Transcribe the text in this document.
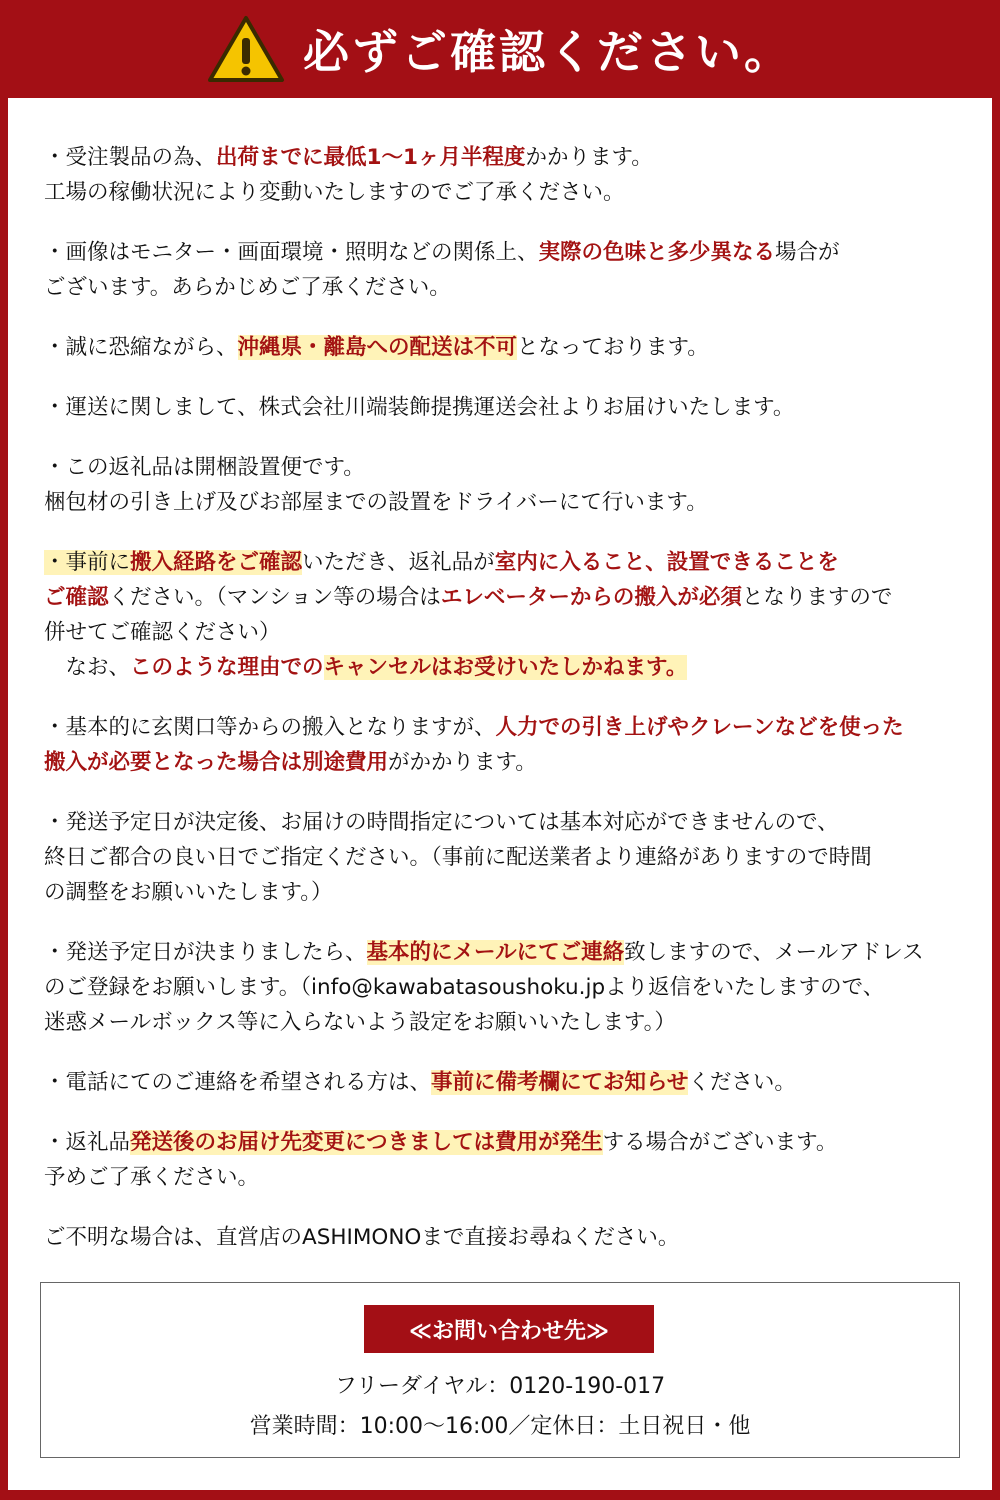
必ずご確認ください。
・受注製品の為、出荷までに最低1～1ヶ月半程度かかります。
工場の稼働状況により変動いたしますのでご了承ください。
・画像はモニター・画面環境・照明などの関係上、実際の色味と多少異なる場合が
ございます。あらかじめご了承ください。
・誠に恐縮ながら、沖縄県・離島への配送は不可となっております。
・運送に関しまして、株式会社川端装飾提携運送会社よりお届けいたします。
・この返礼品は開梱設置便です。
梱包材の引き上げ及びお部屋までの設置をドライバーにて行います。
・事前に搬入経路をご確認いただき、返礼品が室内に入ること、設置できることを
ご確認ください。（マンション等の場合はエレベーターからの搬入が必須となりますので
併せてご確認ください）
　なお、このような理由でのキャンセルはお受けいたしかねます。
・基本的に玄関口等からの搬入となりますが、人力での引き上げやクレーンなどを使った
搬入が必要となった場合は別途費用がかかります。
・発送予定日が決定後、お届けの時間指定については基本対応ができませんので、
終日ご都合の良い日でご指定ください。（事前に配送業者より連絡がありますので時間
の調整をお願いいたします。）
・発送予定日が決まりましたら、基本的にメールにてご連絡致しますので、メールアドレス
のご登録をお願いします。（info@kawabatasoushoku.jpより返信をいたしますので、
迷惑メールボックス等に入らないよう設定をお願いいたします。）
・電話にてのご連絡を希望される方は、事前に備考欄にてお知らせください。
・返礼品発送後のお届け先変更につきましては費用が発生する場合がございます。
予めご了承ください。
ご不明な場合は、直営店のASHIMONOまで直接お尋ねください。
≪お問い合わせ先≫
フリーダイヤル：0120-190-017
営業時間：10:00～16:00／定休日：土日祝日・他
